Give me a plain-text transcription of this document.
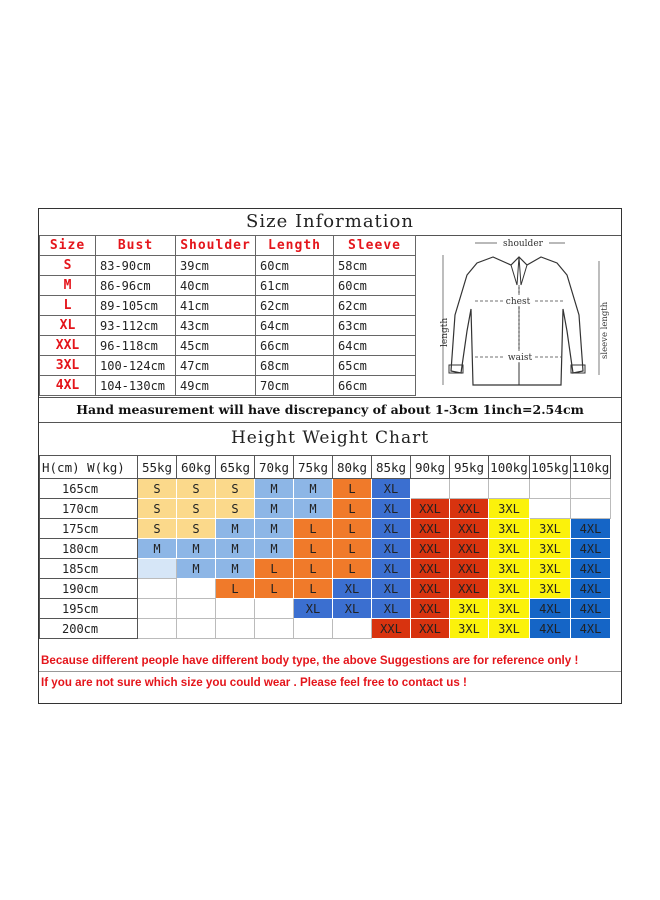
Size Information
Size	Bust	Shoulder	Length	Sleeve
S	83-90cm	39cm	60cm	58cm
M	86-96cm	40cm	61cm	60cm
L	89-105cm	41cm	62cm	62cm
XL	93-112cm	43cm	64cm	63cm
XXL	96-118cm	45cm	66cm	64cm
3XL	100-124cm	47cm	68cm	65cm
4XL	104-130cm	49cm	70cm	66cm
shoulder
chest
waist
length	sleeve length
Hand measurement will have discrepancy of about 1-3cm 1inch=2.54cm
Height Weight Chart
H(cm) W(kg)	55kg	60kg	65kg	70kg	75kg	80kg	85kg	90kg	95kg	100kg	105kg	110kg
165cm	S	S	S	M	M	L	XL					
170cm	S	S	S	M	M	L	XL	XXL	XXL	3XL		
175cm	S	S	M	M	L	L	XL	XXL	XXL	3XL	3XL	4XL
180cm	M	M	M	M	L	L	XL	XXL	XXL	3XL	3XL	4XL
185cm		M	M	L	L	L	XL	XXL	XXL	3XL	3XL	4XL
190cm			L	L	L	XL	XL	XXL	XXL	3XL	3XL	4XL
195cm					XL	XL	XL	XXL	3XL	3XL	4XL	4XL
200cm							XXL	XXL	3XL	3XL	4XL	4XL
Because different people have different body type, the above Suggestions are for reference only !
If you are not sure which size you could wear . Please feel free to contact us !
